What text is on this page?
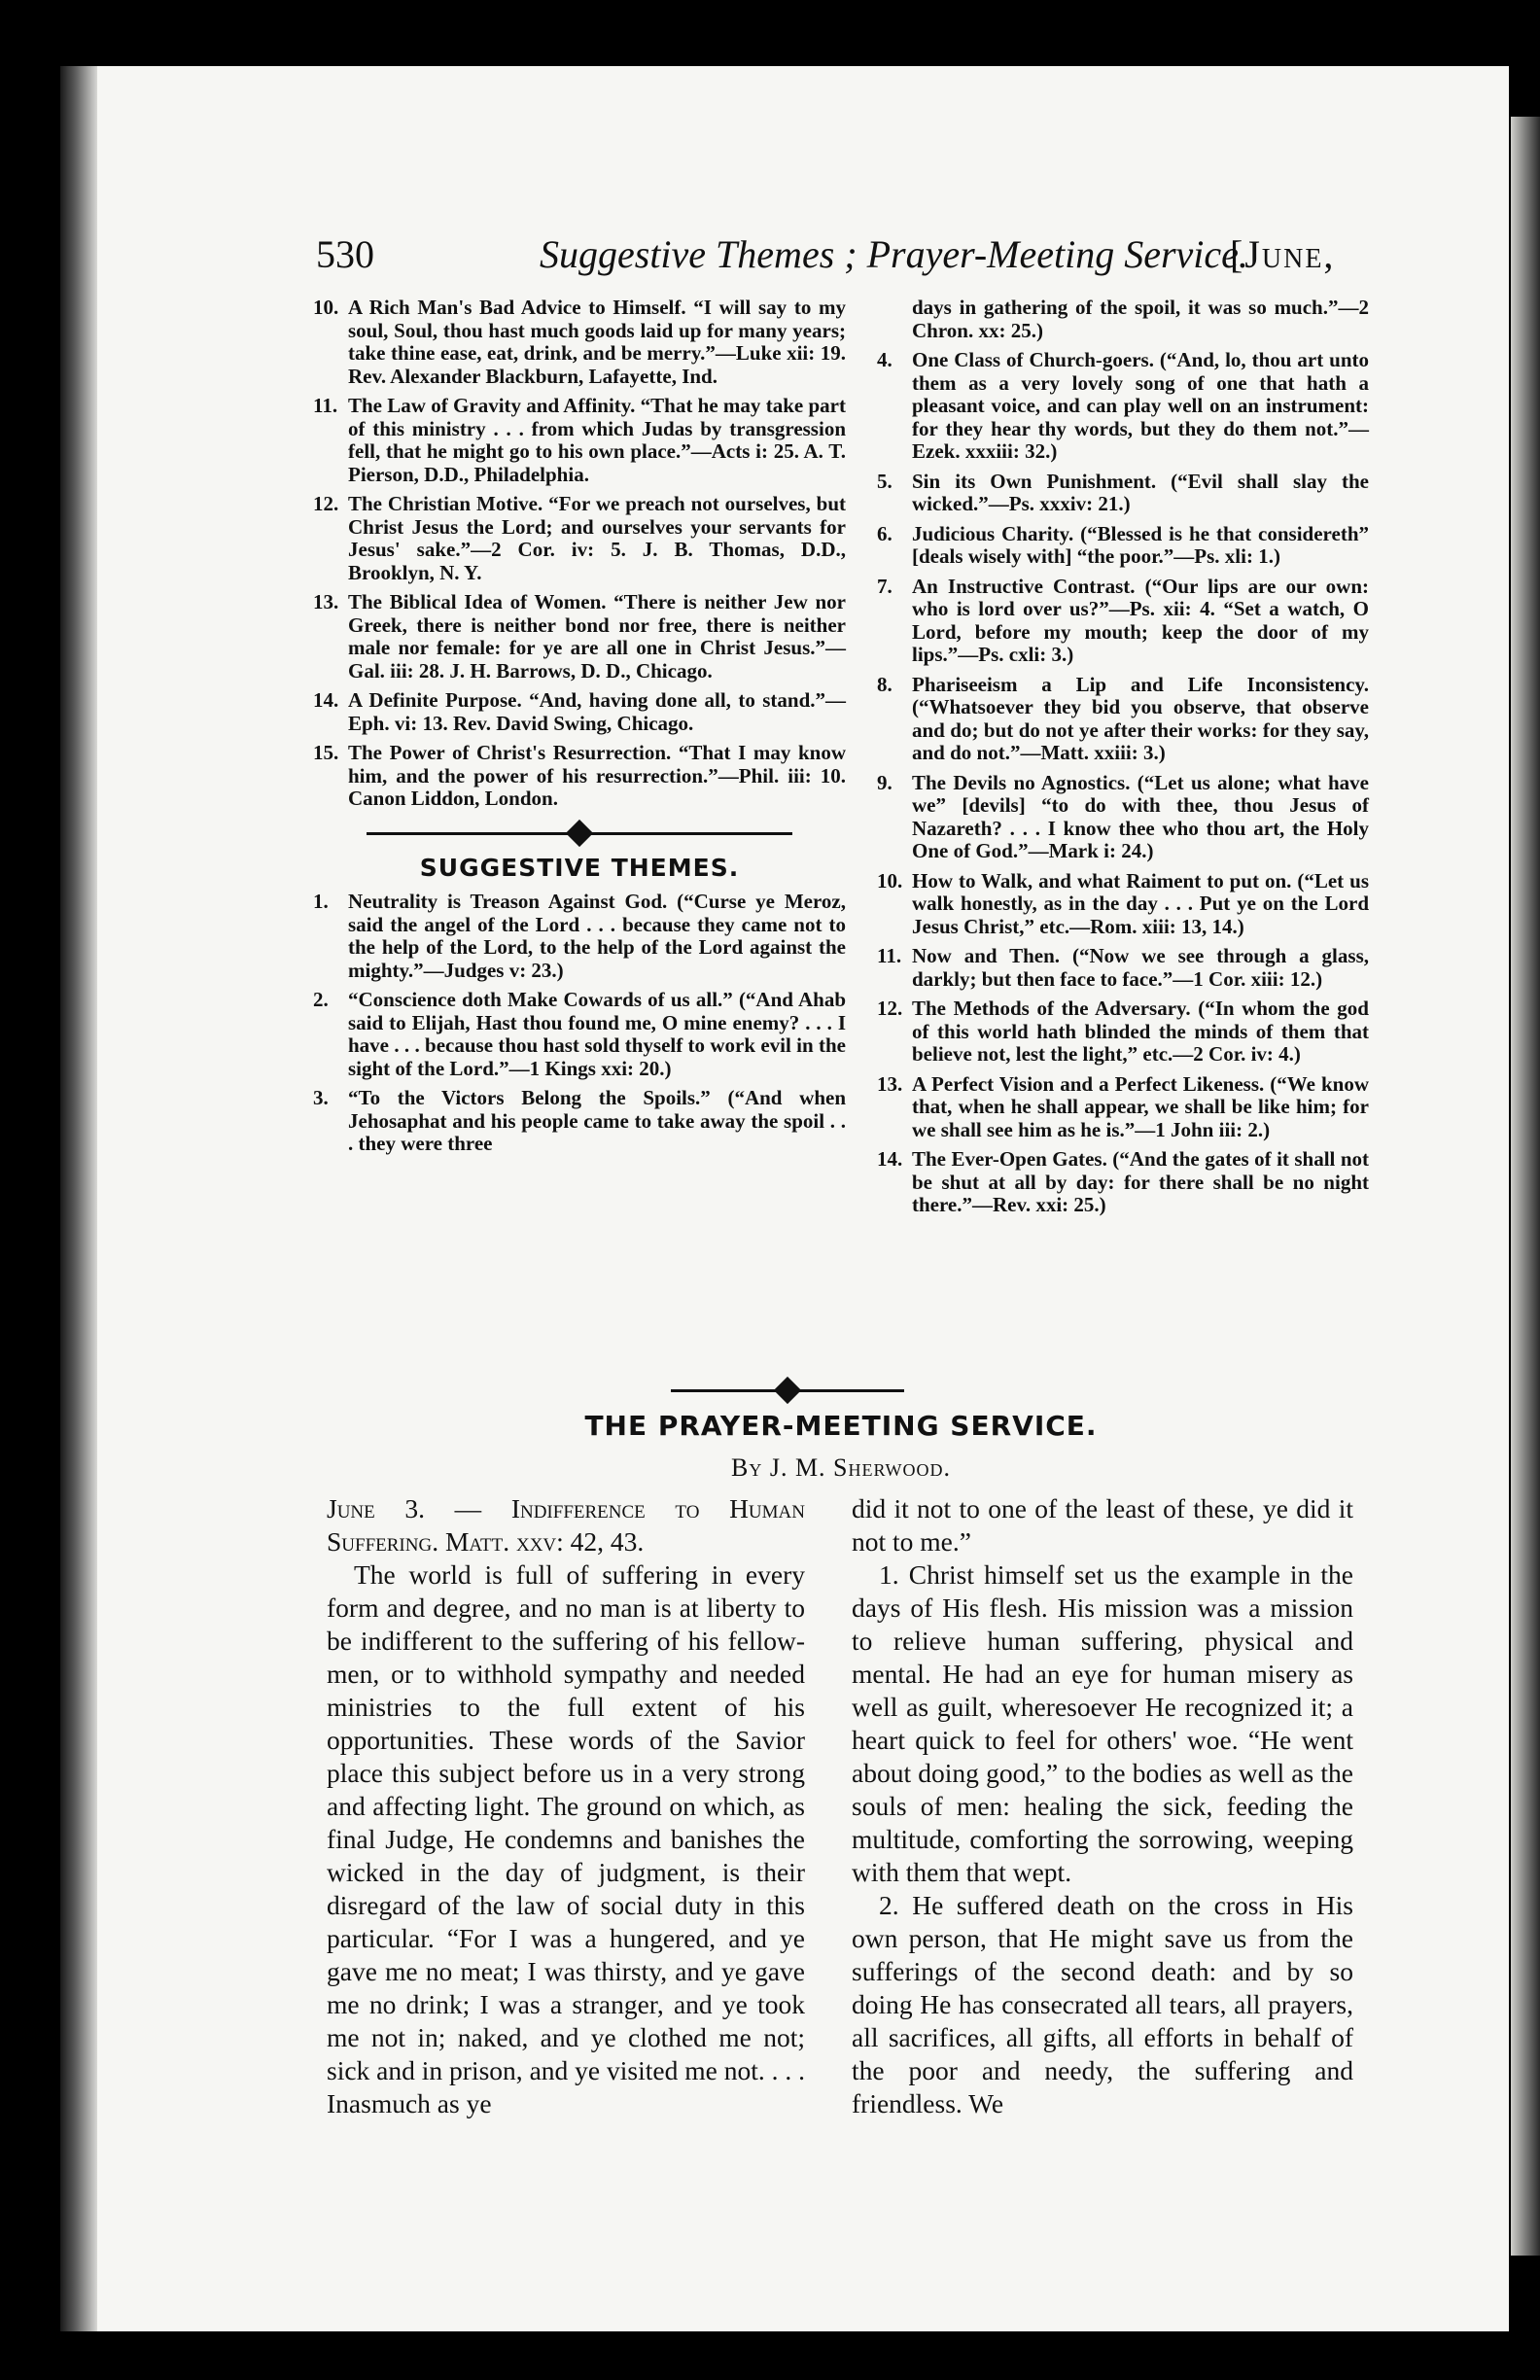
530	Suggestive Themes ; Prayer-Meeting Service.
[June,
10. A Rich Man's Bad Advice to Himself. “I will say to my soul, Soul, thou hast much goods laid up for many years; take thine ease, eat, drink, and be merry.”—Luke xii: 19. Rev. Alexander Blackburn, Lafayette, Ind.
11. The Law of Gravity and Affinity. “That he may take part of this ministry . . . from which Judas by transgression fell, that he might go to his own place.”—Acts i: 25. A. T. Pierson, D.D., Philadelphia.
12. The Christian Motive. “For we preach not ourselves, but Christ Jesus the Lord; and ourselves your servants for Jesus' sake.”—2 Cor. iv: 5. J. B. Thomas, D.D., Brooklyn, N. Y.
13. The Biblical Idea of Women. “There is neither Jew nor Greek, there is neither bond nor free, there is neither male nor female: for ye are all one in Christ Jesus.”—Gal. iii: 28. J. H. Barrows, D. D., Chicago.
14. A Definite Purpose. “And, having done all, to stand.”—Eph. vi: 13. Rev. David Swing, Chicago.
15. The Power of Christ's Resurrection. “That I may know him, and the power of his resurrection.”—Phil. iii: 10. Canon Liddon, London.
SUGGESTIVE THEMES.
1. Neutrality is Treason Against God. (“Curse ye Meroz, said the angel of the Lord . . . because they came not to the help of the Lord, to the help of the Lord against the mighty.”—Judges v: 23.)
2. “Conscience doth Make Cowards of us all.” (“And Ahab said to Elijah, Hast thou found me, O mine enemy? . . . I have . . . because thou hast sold thyself to work evil in the sight of the Lord.”—1 Kings xxi: 20.)
3. “To the Victors Belong the Spoils.” (“And when Jehosaphat and his people came to take away the spoil . . . they were three
days in gathering of the spoil, it was so much.”—2 Chron. xx: 25.)
4. One Class of Church-goers. (“And, lo, thou art unto them as a very lovely song of one that hath a pleasant voice, and can play well on an instrument: for they hear thy words, but they do them not.”—Ezek. xxxiii: 32.)
5. Sin its Own Punishment. (“Evil shall slay the wicked.”—Ps. xxxiv: 21.)
6. Judicious Charity. (“Blessed is he that considereth” [deals wisely with] “the poor.”—Ps. xli: 1.)
7. An Instructive Contrast. (“Our lips are our own: who is lord over us?”—Ps. xii: 4. “Set a watch, O Lord, before my mouth; keep the door of my lips.”—Ps. cxli: 3.)
8. Phariseeism a Lip and Life Inconsistency. (“Whatsoever they bid you observe, that observe and do; but do not ye after their works: for they say, and do not.”—Matt. xxiii: 3.)
9. The Devils no Agnostics. (“Let us alone; what have we” [devils] “to do with thee, thou Jesus of Nazareth? . . . I know thee who thou art, the Holy One of God.”—Mark i: 24.)
10. How to Walk, and what Raiment to put on. (“Let us walk honestly, as in the day . . . Put ye on the Lord Jesus Christ,” etc.—Rom. xiii: 13, 14.)
11. Now and Then. (“Now we see through a glass, darkly; but then face to face.”—1 Cor. xiii: 12.)
12. The Methods of the Adversary. (“In whom the god of this world hath blinded the minds of them that believe not, lest the light,” etc.—2 Cor. iv: 4.)
13. A Perfect Vision and a Perfect Likeness. (“We know that, when he shall appear, we shall be like him; for we shall see him as he is.”—1 John iii: 2.)
14. The Ever-Open Gates. (“And the gates of it shall not be shut at all by day: for there shall be no night there.”—Rev. xxi: 25.)
THE PRAYER-MEETING SERVICE.
By J. M. Sherwood.

June 3. — Indifference to Human Suffering. Matt. xxv: 42, 43.

The world is full of suffering in every form and degree, and no man is at liberty to be indifferent to the suffering of his fellow-men, or to withhold sympathy and needed ministries to the full extent of his opportunities. These words of the Savior place this subject before us in a very strong and affecting light. The ground on which, as final Judge, He condemns and banishes the wicked in the day of judgment, is their disregard of the law of social duty in this particular. “For I was a hungered, and ye gave me no meat; I was thirsty, and ye gave me no drink; I was a stranger, and ye took me not in; naked, and ye clothed me not; sick and in prison, and ye visited me not. . . . Inasmuch as ye

did it not to one of the least of these, ye did it not to me.”

1. Christ himself set us the example in the days of His flesh. His mission was a mission to relieve human suffering, physical and mental. He had an eye for human misery as well as guilt, wheresoever He recognized it; a heart quick to feel for others' woe. “He went about doing good,” to the bodies as well as the souls of men: healing the sick, feeding the multitude, comforting the sorrowing, weeping with them that wept.

2. He suffered death on the cross in His own person, that He might save us from the sufferings of the second death: and by so doing He has consecrated all tears, all prayers, all sacrifices, all gifts, all efforts in behalf of the poor and needy, the suffering and friendless. We
